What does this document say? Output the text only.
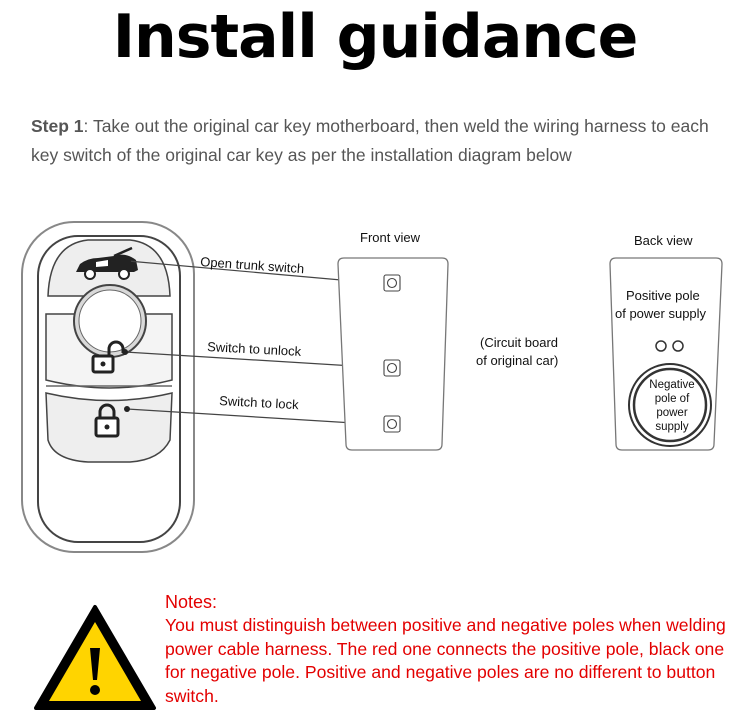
Install guidance
Step 1: Take out the original car key motherboard, then weld the wiring harness to each key switch of the original car key as per the installation diagram below
Open trunk switch
Switch to unlock
Switch to lock
Front view
(Circuit board
of original car)
Back view
Positive pole
of power supply
Negative
pole of
power
supply
Notes:
You must distinguish between positive and negative poles when welding power cable harness. The red one connects the positive pole, black one for negative pole. Positive and negative poles are no different to button switch.
